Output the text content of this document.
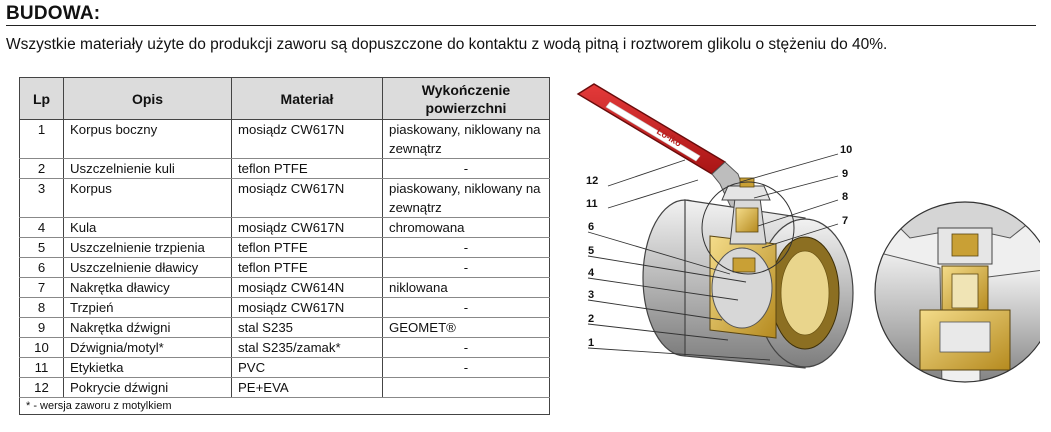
BUDOWA:
Wszystkie materiały użyte do produkcji zaworu są dopuszczone do kontaktu z wodą pitną i roztworem glikolu o stężeniu do 40%.
Lp	Opis	Materiał	Wykończenie powierzchni
1	Korpus boczny	mosiądz CW617N	piaskowany, niklowany na zewnątrz
2	Uszczelnienie kuli	teflon PTFE	-
3	Korpus	mosiądz CW617N	piaskowany, niklowany na zewnątrz
4	Kula	mosiądz CW617N	chromowana
5	Uszczelnienie trzpienia	teflon PTFE	-
6	Uszczelnienie dławicy	teflon PTFE	-
7	Nakrętka dławicy	mosiądz CW614N	niklowana
8	Trzpień	mosiądz CW617N	-
9	Nakrętka dźwigni	stal S235	GEOMET®
10	Dźwignia/motyl*	stal S235/zamak*	-
11	Etykietka	PVC	-
12	Pokrycie dźwigni	PE+EVA	
* - wersja zaworu z motylkiem			
Lo-iko
12
11
10
9
8
7
6
5
4
3
2
1
